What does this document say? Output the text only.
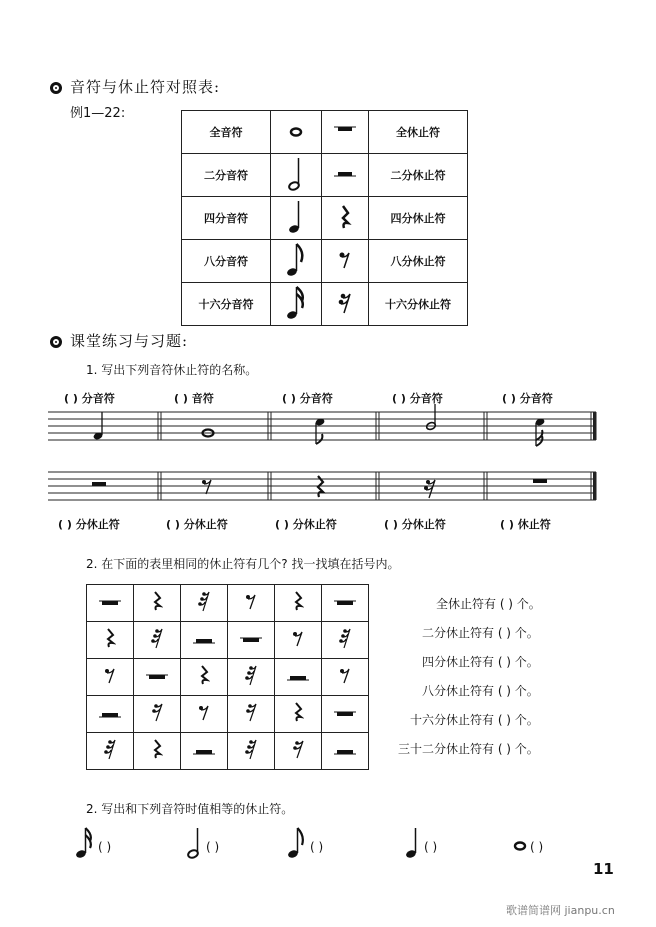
音符与休止符对照表:
例1—22:
全音符			全休止符
二分音符			二分休止符
四分音符			四分休止符
八分音符			八分休止符
十六分音符			十六分休止符
课堂练习与习题:
1. 写出下列音符休止符的名称。
( ) 分音符	( ) 音符	( ) 分音符	( ) 分音符	( ) 分音符
( ) 分休止符	( ) 分休止符	( ) 分休止符	( ) 分休止符	( ) 休止符
2. 在下面的表里相同的休止符有几个? 找一找填在括号内。

全休止符有 ( ) 个。
二分休止符有 ( ) 个。
四分休止符有 ( ) 个。
八分休止符有 ( ) 个。
十六分休止符有 ( ) 个。
三十二分休止符有 ( ) 个。
2. 写出和下列音符时值相等的休止符。
( )	( )	( )	( )	( )
11
歌谱简谱网 jianpu.cn
